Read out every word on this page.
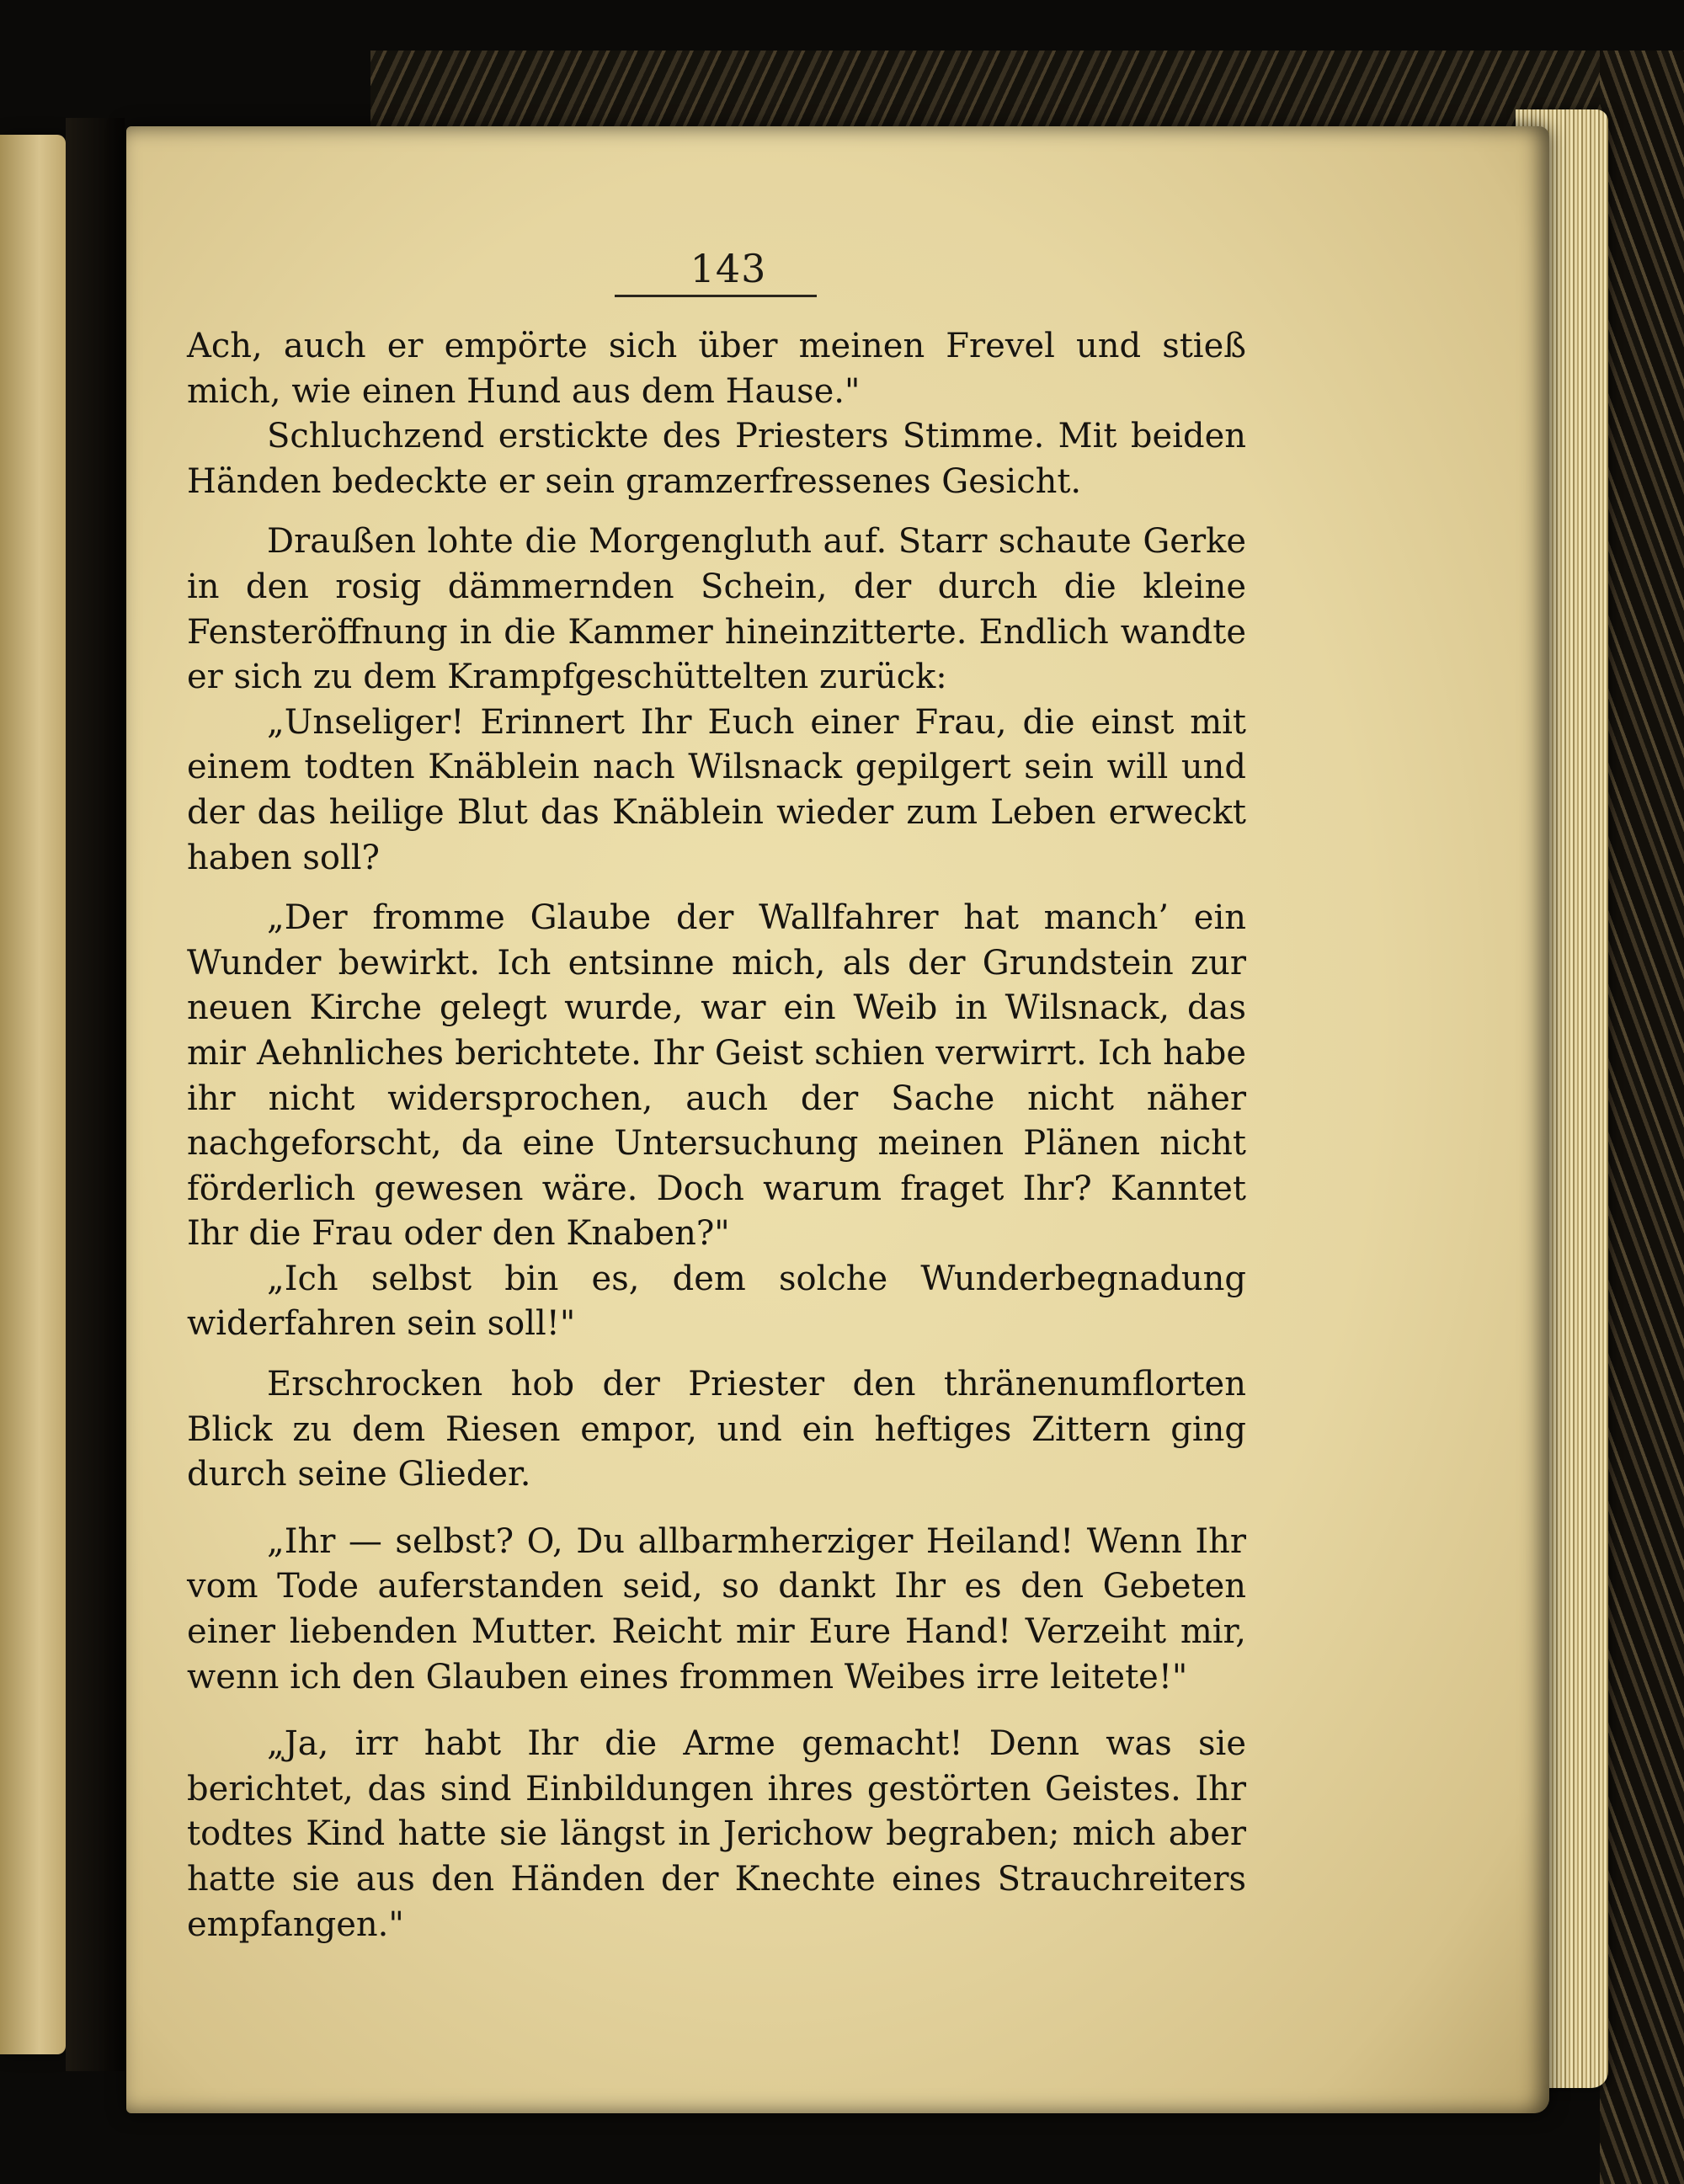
143

Ach, auch er empörte sich über meinen Frevel und stieß mich, wie einen Hund aus dem Hause."

Schluchzend erstickte des Priesters Stimme. Mit beiden Händen bedeckte er sein gramzerfressenes Gesicht.

Draußen lohte die Morgengluth auf. Starr schaute Gerke in den rosig dämmernden Schein, der durch die kleine Fensteröffnung in die Kammer hineinzitterte. Endlich wandte er sich zu dem Krampfgeschüttelten zurück:

„Unseliger! Erinnert Ihr Euch einer Frau, die einst mit einem todten Knäblein nach Wilsnack gepilgert sein will und der das heilige Blut das Knäblein wieder zum Leben erweckt haben soll?

„Der fromme Glaube der Wallfahrer hat manch’ ein Wunder bewirkt. Ich entsinne mich, als der Grundstein zur neuen Kirche gelegt wurde, war ein Weib in Wilsnack, das mir Aehnliches berichtete. Ihr Geist schien verwirrt. Ich habe ihr nicht widersprochen, auch der Sache nicht näher nachgeforscht, da eine Untersuchung meinen Plänen nicht förderlich gewesen wäre. Doch warum fraget Ihr? Kanntet Ihr die Frau oder den Knaben?"

„Ich selbst bin es, dem solche Wunderbegnadung widerfahren sein soll!"

Erschrocken hob der Priester den thränenumflorten Blick zu dem Riesen empor, und ein heftiges Zittern ging durch seine Glieder.

„Ihr — selbst? O, Du allbarmherziger Heiland! Wenn Ihr vom Tode auferstanden seid, so dankt Ihr es den Gebeten einer liebenden Mutter. Reicht mir Eure Hand! Verzeiht mir, wenn ich den Glauben eines frommen Weibes irre leitete!"

„Ja, irr habt Ihr die Arme gemacht! Denn was sie berichtet, das sind Einbildungen ihres gestörten Geistes. Ihr todtes Kind hatte sie längst in Jerichow begraben; mich aber hatte sie aus den Händen der Knechte eines Strauchreiters empfangen."
